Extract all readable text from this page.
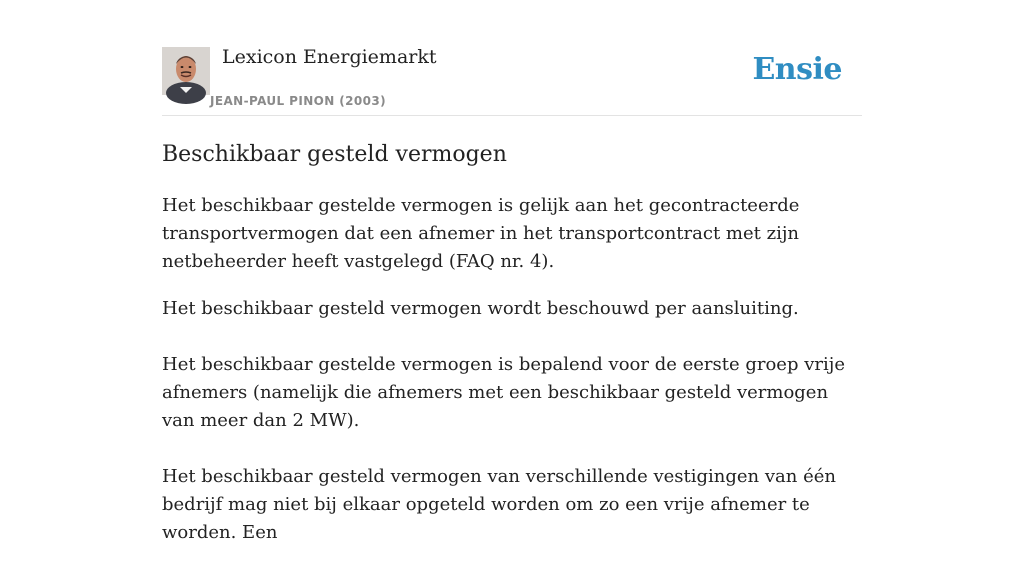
Lexicon Energiemarkt
JEAN-PAUL PINON (2003)
Ensie
Beschikbaar gesteld vermogen

Het beschikbaar gestelde vermogen is gelijk aan het gecontracteerde transportvermogen dat een afnemer in het transportcontract met zijn netbeheerder heeft vastgelegd (FAQ nr. 4).

Het beschikbaar gesteld vermogen wordt beschouwd per aansluiting.

Het beschikbaar gestelde vermogen is bepalend voor de eerste groep vrije afnemers (namelijk die afnemers met een beschikbaar gesteld vermogen van meer dan 2 MW).

Het beschikbaar gesteld vermogen van verschillende vestigingen van één bedrijf mag niet bij elkaar opgeteld worden om zo een vrije afnemer te worden. Een
